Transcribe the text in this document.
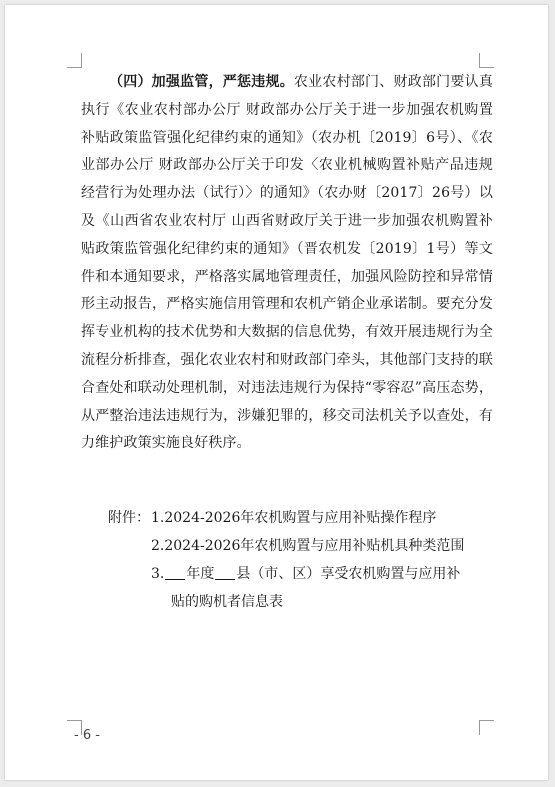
（四）加强监管，严惩违规。农业农村部门、财政部门要认真执行《农业农村部办公厅 财政部办公厅关于进一步加强农机购置补贴政策监管强化纪律约束的通知》（农办机〔2019〕6号）、《农业部办公厅 财政部办公厅关于印发〈农业机械购置补贴产品违规经营行为处理办法（试行）〉的通知》（农办财〔2017〕26号）以及《山西省农业农村厅 山西省财政厅关于进一步加强农机购置补贴政策监管强化纪律约束的通知》（晋农机发〔2019〕1号）等文件和本通知要求，严格落实属地管理责任，加强风险防控和异常情形主动报告，严格实施信用管理和农机产销企业承诺制。要充分发挥专业机构的技术优势和大数据的信息优势，有效开展违规行为全流程分析排查，强化农业农村和财政部门牵头，其他部门支持的联合查处和联动处理机制，对违法违规行为保持“零容忍”高压态势，从严整治违法违规行为，涉嫌犯罪的，移交司法机关予以查处，有力维护政策实施良好秩序。

附件： 1.2024-2026年农机购置与应用补贴操作程序
2.2024-2026年农机购置与应用补贴机具种类范围
3. 年度 县（市、区）享受农机购置与应用补
贴的购机者信息表
- 6 -
